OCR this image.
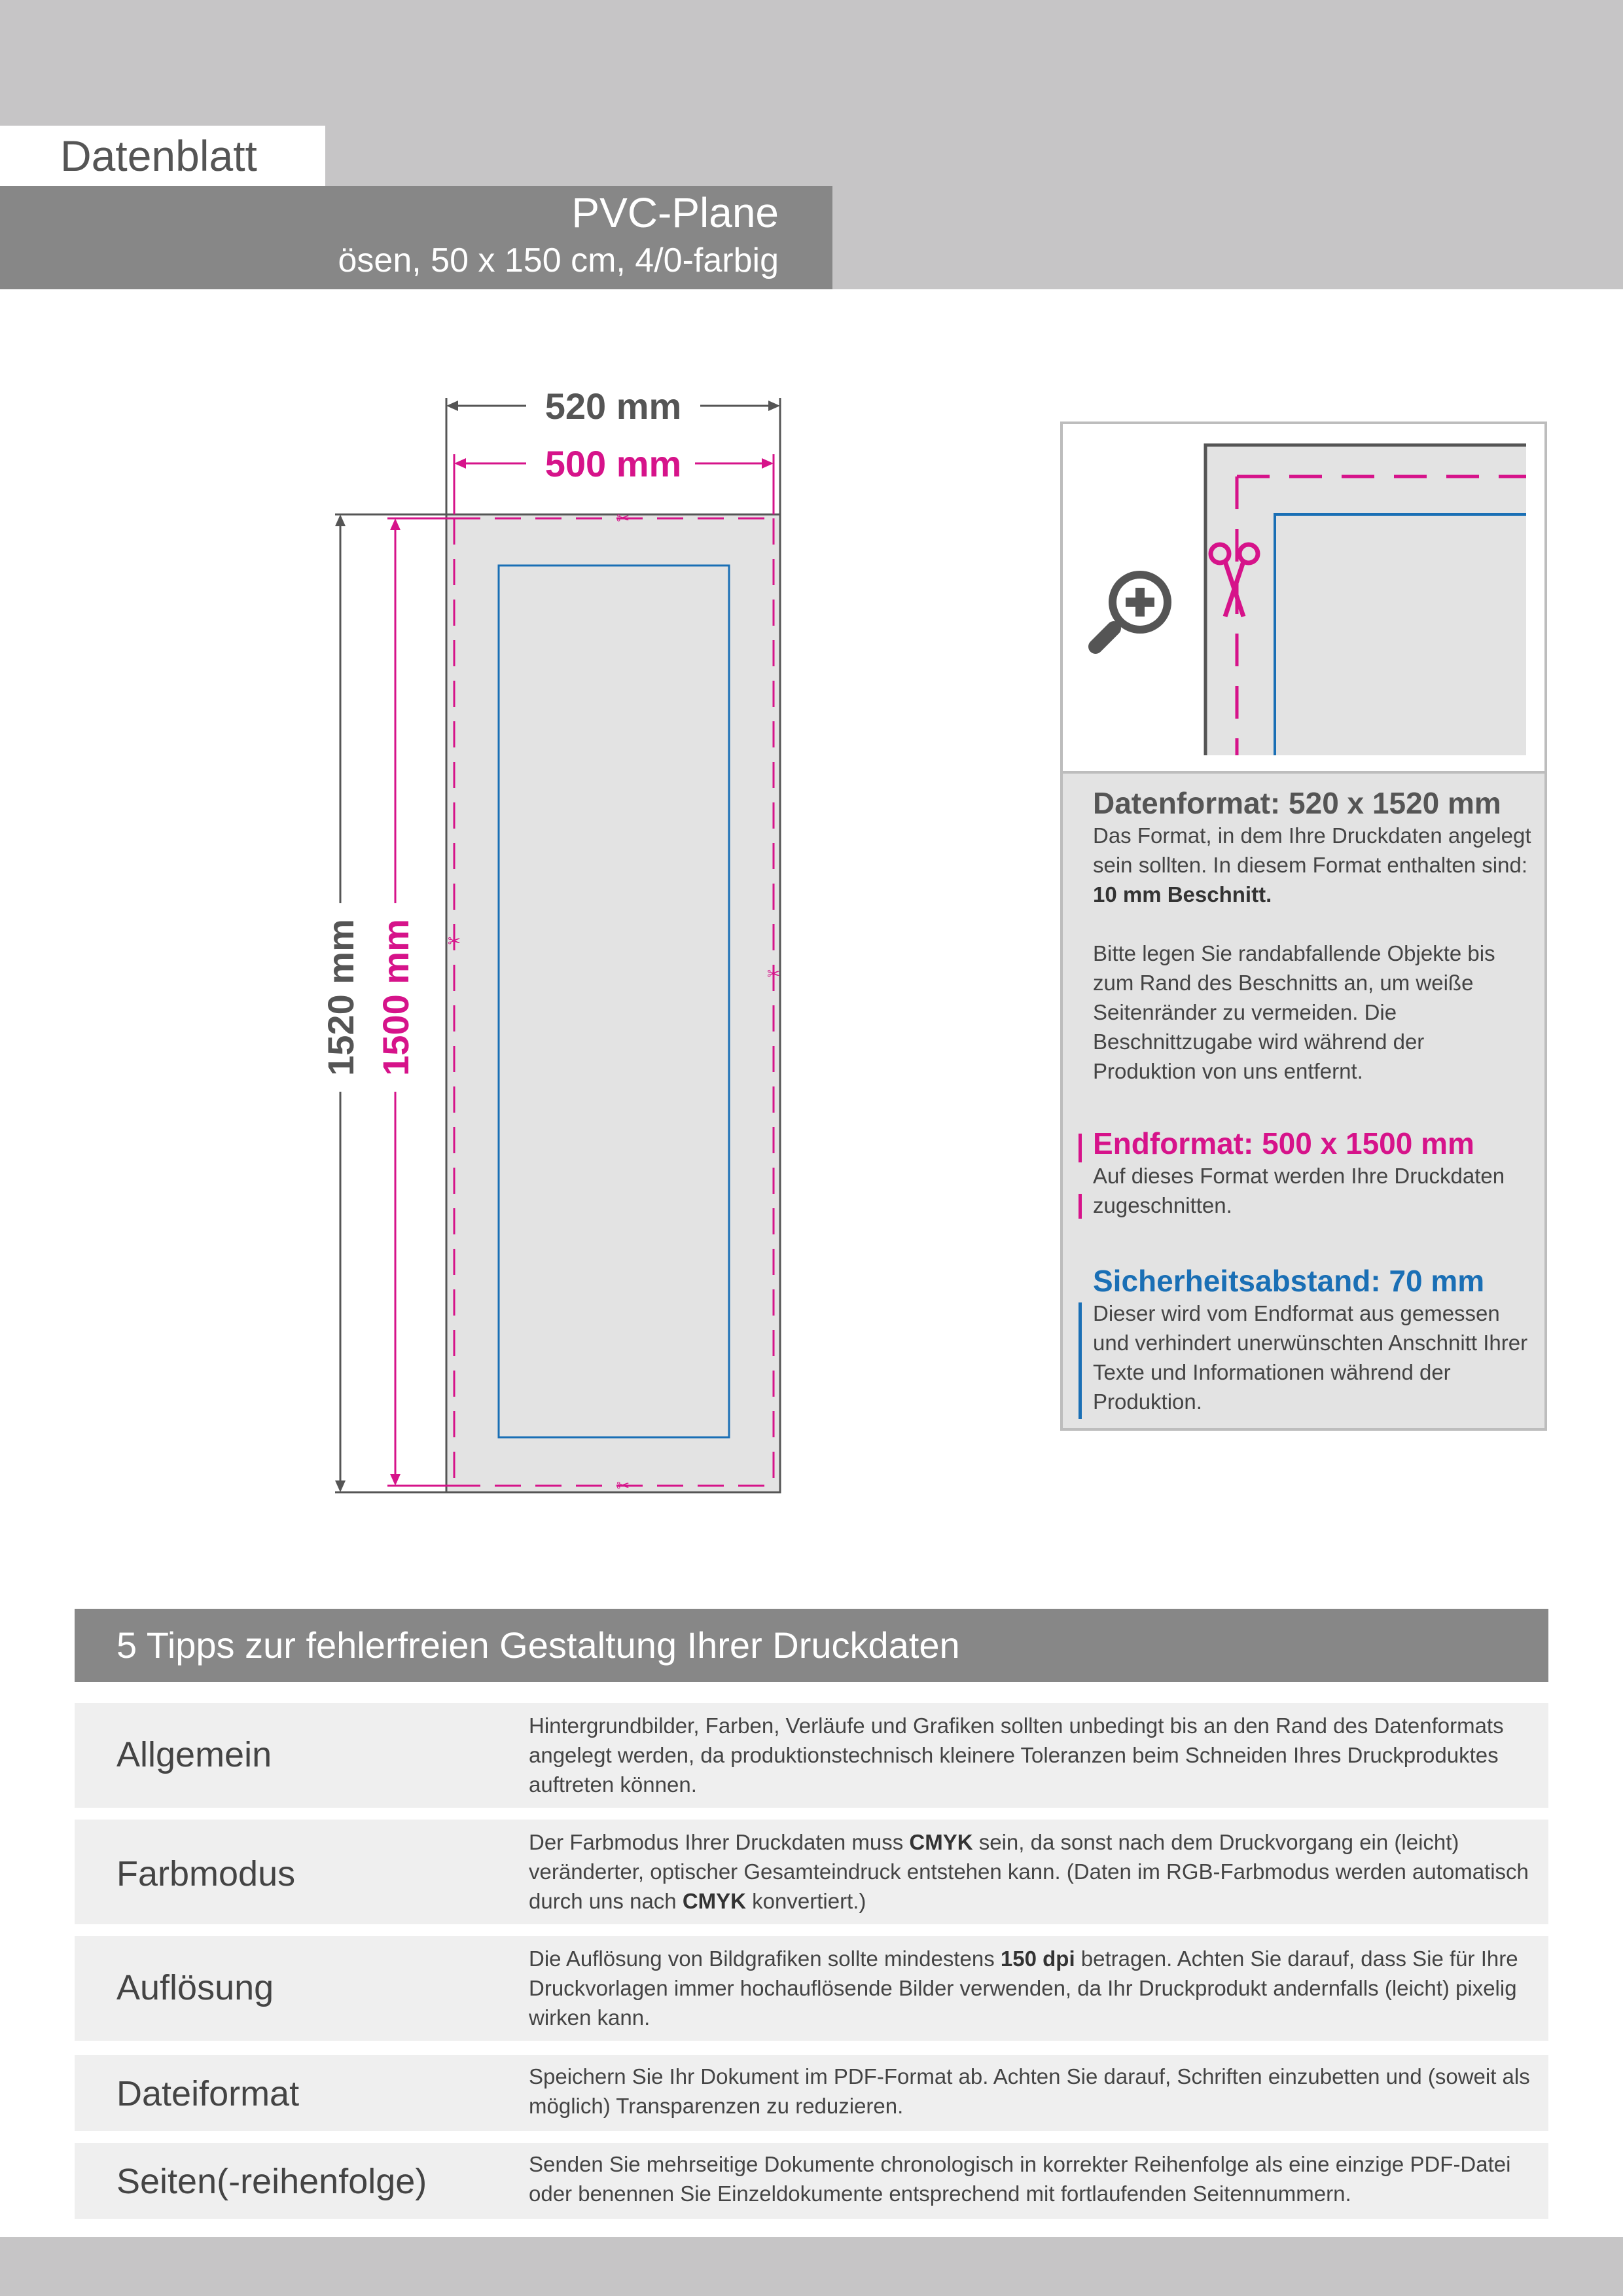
Datenblatt
PVC-Plane
ösen, 50 x 150 cm, 4/0-farbig
✂
✂
✂
✂
520 mm
500 mm
1520 mm 1500 mm

Datenformat: 520 x 1520 mm

Das Format, in dem Ihre Druckdaten angelegt sein sollten. In diesem Format enthalten sind: 10 mm Beschnitt.

Bitte legen Sie randabfallende Objekte bis zum Rand des Beschnitts an, um weiße Seitenränder zu vermeiden. Die Beschnittzugabe wird während der Produktion von uns entfernt.

Endformat: 500 x 1500 mm

Auf dieses Format werden Ihre Druckdaten zugeschnitten.

Sicherheitsabstand: 70 mm

Dieser wird vom Endformat aus gemessen und verhindert unerwünschten Anschnitt Ihrer Texte und Informationen während der Produktion.

5 Tipps zur fehlerfreien Gestaltung Ihrer Druckdaten
Allgemein
Hintergrundbilder, Farben, Verläufe und Grafiken sollten unbedingt bis an den Rand des Datenformats angelegt werden, da produktionstechnisch kleinere Toleranzen beim Schneiden Ihres Druckproduktes auftreten können.
Farbmodus
Der Farbmodus Ihrer Druckdaten muss CMYK sein, da sonst nach dem Druckvorgang ein (leicht) veränderter, optischer Gesamteindruck entstehen kann. (Daten im RGB-Farbmodus werden automatisch durch uns nach CMYK konvertiert.)
Auflösung
Die Auflösung von Bildgrafiken sollte mindestens 150 dpi betragen. Achten Sie darauf, dass Sie für Ihre Druckvorlagen immer hochauflösende Bilder verwenden, da Ihr Druckprodukt andernfalls (leicht) pixelig wirken kann.
Dateiformat	Speichern Sie Ihr Dokument im PDF-Format ab. Achten Sie darauf, Schriften einzubetten und (soweit als möglich) Transparenzen zu reduzieren.
Seiten(-reihenfolge)	Senden Sie mehrseitige Dokumente chronologisch in korrekter Reihenfolge als eine einzige PDF-Datei oder benennen Sie Einzeldokumente entsprechend mit fortlaufenden Seitennummern.
